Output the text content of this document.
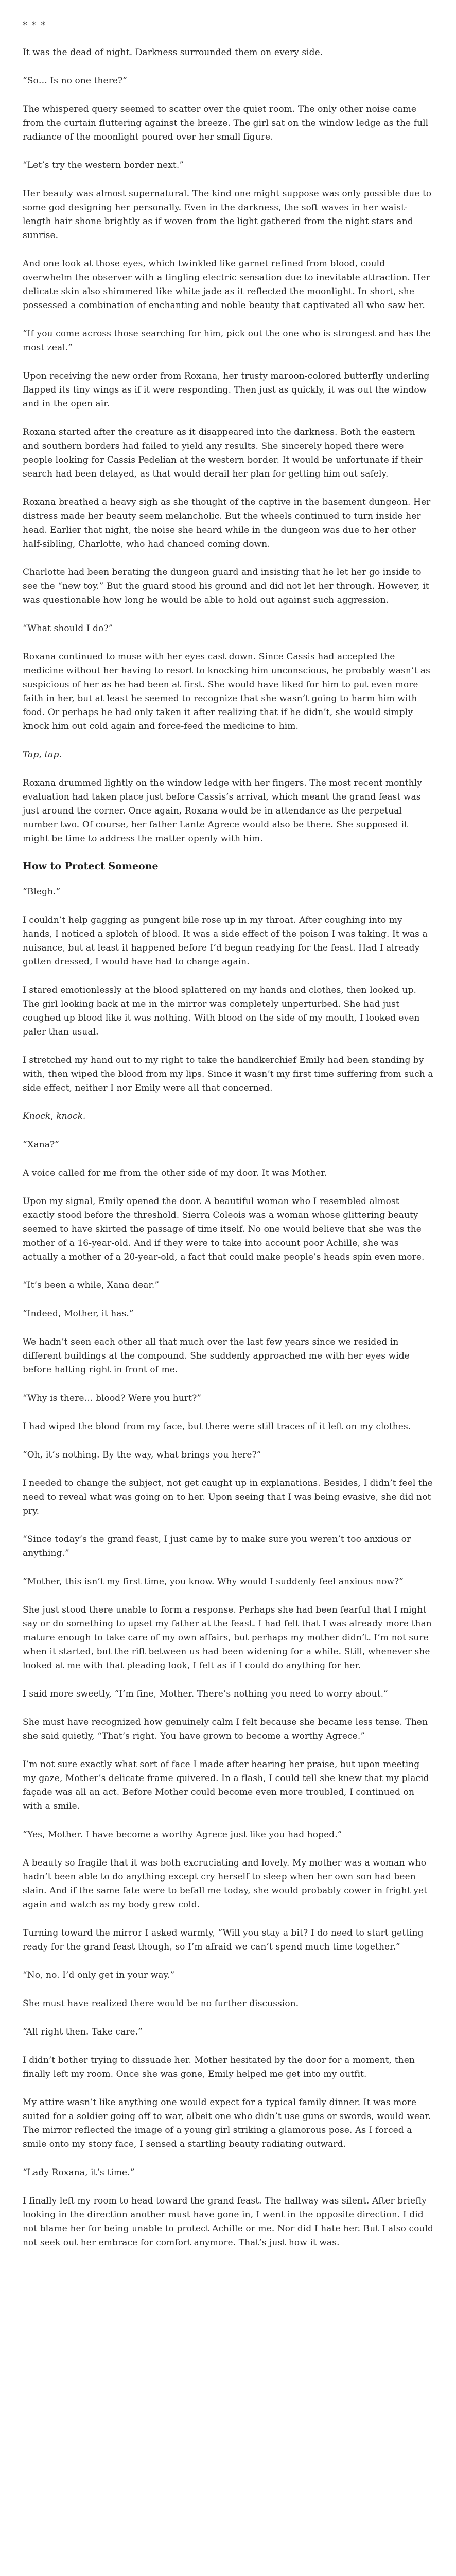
* * *

It was the dead of night. Darkness surrounded them on every side.

“So… Is no one there?”

The whispered query seemed to scatter over the quiet room. The only other noise came from the curtain fluttering against the breeze. The girl sat on the window ledge as the full radiance of the moonlight poured over her small figure.

“Let’s try the western border next.”

Her beauty was almost supernatural. The kind one might suppose was only possible due to some god designing her personally. Even in the darkness, the soft waves in her waist-length hair shone brightly as if woven from the light gathered from the night stars and sunrise.

And one look at those eyes, which twinkled like garnet refined from blood, could overwhelm the observer with a tingling electric sensation due to inevitable attraction. Her delicate skin also shimmered like white jade as it reflected the moonlight. In short, she possessed a combination of enchanting and noble beauty that captivated all who saw her.

“If you come across those searching for him, pick out the one who is strongest and has the most zeal.”

Upon receiving the new order from Roxana, her trusty maroon-colored butterfly underling flapped its tiny wings as if it were responding. Then just as quickly, it was out the window and in the open air.

Roxana started after the creature as it disappeared into the darkness. Both the eastern and southern borders had failed to yield any results. She sincerely hoped there were people looking for Cassis Pedelian at the western border. It would be unfortunate if their search had been delayed, as that would derail her plan for getting him out safely.

Roxana breathed a heavy sigh as she thought of the captive in the basement dungeon. Her distress made her beauty seem melancholic. But the wheels continued to turn inside her head. Earlier that night, the noise she heard while in the dungeon was due to her other half-sibling, Charlotte, who had chanced coming down.

Charlotte had been berating the dungeon guard and insisting that he let her go inside to see the “new toy.” But the guard stood his ground and did not let her through. However, it was questionable how long he would be able to hold out against such aggression.

“What should I do?”

Roxana continued to muse with her eyes cast down. Since Cassis had accepted the medicine without her having to resort to knocking him unconscious, he probably wasn’t as suspicious of her as he had been at first. She would have liked for him to put even more faith in her, but at least he seemed to recognize that she wasn’t going to harm him with food. Or perhaps he had only taken it after realizing that if he didn’t, she would simply knock him out cold again and force-feed the medicine to him.

Tap, tap.

Roxana drummed lightly on the window ledge with her fingers. The most recent monthly evaluation had taken place just before Cassis’s arrival, which meant the grand feast was just around the corner. Once again, Roxana would be in attendance as the perpetual number two. Of course, her father Lante Agrece would also be there. She supposed it might be time to address the matter openly with him.

How to Protect Someone

“Blegh.”

I couldn’t help gagging as pungent bile rose up in my throat. After coughing into my hands, I noticed a splotch of blood. It was a side effect of the poison I was taking. It was a nuisance, but at least it happened before I’d begun readying for the feast. Had I already gotten dressed, I would have had to change again.

I stared emotionlessly at the blood splattered on my hands and clothes, then looked up. The girl looking back at me in the mirror was completely unperturbed. She had just coughed up blood like it was nothing. With blood on the side of my mouth, I looked even paler than usual.

I stretched my hand out to my right to take the handkerchief Emily had been standing by with, then wiped the blood from my lips. Since it wasn’t my first time suffering from such a side effect, neither I nor Emily were all that concerned.

Knock, knock.

“Xana?”

A voice called for me from the other side of my door. It was Mother.

Upon my signal, Emily opened the door. A beautiful woman who I resembled almost exactly stood before the threshold. Sierra Coleois was a woman whose glittering beauty seemed to have skirted the passage of time itself. No one would believe that she was the mother of a 16-year-old. And if they were to take into account poor Achille, she was actually a mother of a 20-year-old, a fact that could make people’s heads spin even more.

“It’s been a while, Xana dear.”

“Indeed, Mother, it has.”

We hadn’t seen each other all that much over the last few years since we resided in different buildings at the compound. She suddenly approached me with her eyes wide before halting right in front of me.

“Why is there… blood? Were you hurt?”

I had wiped the blood from my face, but there were still traces of it left on my clothes.

“Oh, it’s nothing. By the way, what brings you here?”

I needed to change the subject, not get caught up in explanations. Besides, I didn’t feel the need to reveal what was going on to her. Upon seeing that I was being evasive, she did not pry.

“Since today’s the grand feast, I just came by to make sure you weren’t too anxious or anything.”

“Mother, this isn’t my first time, you know. Why would I suddenly feel anxious now?”

She just stood there unable to form a response. Perhaps she had been fearful that I might say or do something to upset my father at the feast. I had felt that I was already more than mature enough to take care of my own affairs, but perhaps my mother didn’t. I’m not sure when it started, but the rift between us had been widening for a while. Still, whenever she looked at me with that pleading look, I felt as if I could do anything for her.

I said more sweetly, “I’m fine, Mother. There’s nothing you need to worry about.”

She must have recognized how genuinely calm I felt because she became less tense. Then she said quietly, “That’s right. You have grown to become a worthy Agrece.”

I’m not sure exactly what sort of face I made after hearing her praise, but upon meeting my gaze, Mother’s delicate frame quivered. In a flash, I could tell she knew that my placid façade was all an act. Before Mother could become even more troubled, I continued on with a smile.

“Yes, Mother. I have become a worthy Agrece just like you had hoped.”

A beauty so fragile that it was both excruciating and lovely. My mother was a woman who hadn’t been able to do anything except cry herself to sleep when her own son had been slain. And if the same fate were to befall me today, she would probably cower in fright yet again and watch as my body grew cold.

Turning toward the mirror I asked warmly, “Will you stay a bit? I do need to start getting ready for the grand feast though, so I’m afraid we can’t spend much time together.”

“No, no. I’d only get in your way.”

She must have realized there would be no further discussion.

“All right then. Take care.”

I didn’t bother trying to dissuade her. Mother hesitated by the door for a moment, then finally left my room. Once she was gone, Emily helped me get into my outfit.

My attire wasn’t like anything one would expect for a typical family dinner. It was more suited for a soldier going off to war, albeit one who didn’t use guns or swords, would wear. The mirror reflected the image of a young girl striking a glamorous pose. As I forced a smile onto my stony face, I sensed a startling beauty radiating outward.

“Lady Roxana, it’s time.”

I finally left my room to head toward the grand feast. The hallway was silent. After briefly looking in the direction another must have gone in, I went in the opposite direction. I did not blame her for being unable to protect Achille or me. Nor did I hate her. But I also could not seek out her embrace for comfort anymore. That’s just how it was.
